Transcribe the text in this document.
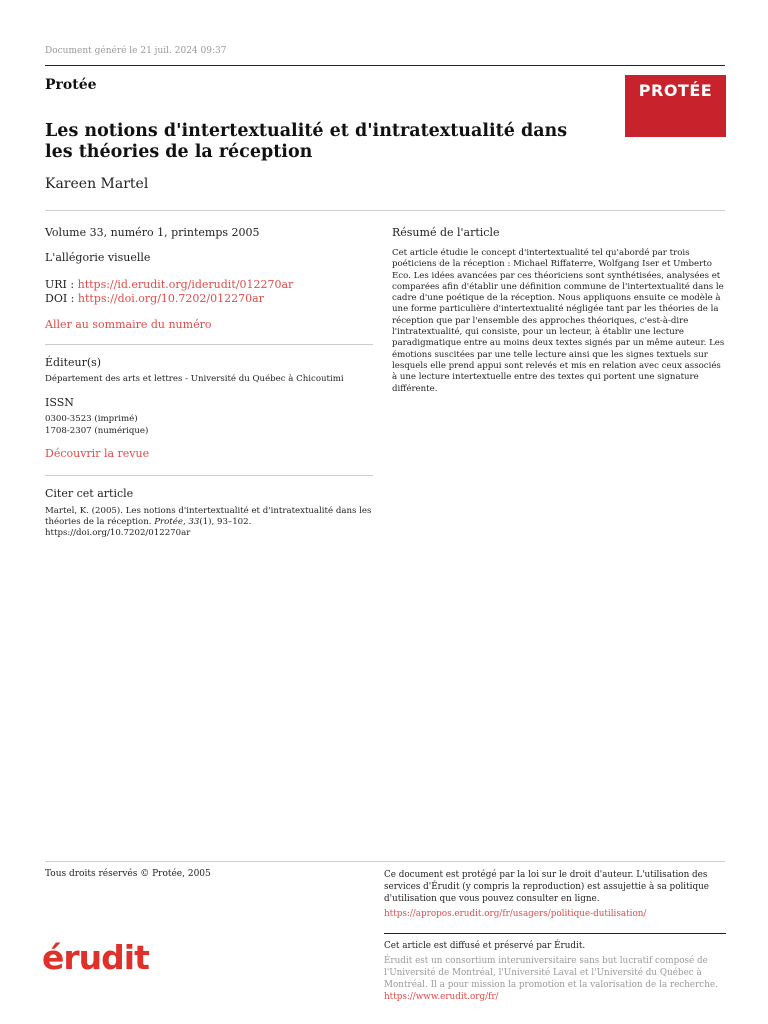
Document généré le 21 juil. 2024 09:37
Protée	PROTÉE
Les notions d'intertextualité et d'intratextualité dans les théories de la réception
Kareen Martel
Volume 33, numéro 1, printemps 2005
L'allégorie visuelle
URI : https://id.erudit.org/iderudit/012270ar
DOI : https://doi.org/10.7202/012270ar
Aller au sommaire du numéro
Éditeur(s)
Département des arts et lettres - Université du Québec à Chicoutimi
ISSN
0300-3523 (imprimé)
1708-2307 (numérique)
Découvrir la revue
Citer cet article
Martel, K. (2005). Les notions d'intertextualité et d'intratextualité dans les théories de la réception. Protée, 33(1), 93–102. https://doi.org/10.7202/012270ar
Résumé de l'article
Cet article étudie le concept d'intertextualité tel qu'abordé par trois poéticiens de la réception : Michael Riffaterre, Wolfgang Iser et Umberto Eco. Les idées avancées par ces théoriciens sont synthétisées, analysées et comparées afin d'établir une définition commune de l'intertextualité dans le cadre d'une poétique de la réception. Nous appliquons ensuite ce modèle à une forme particulière d'intertextualité négligée tant par les théories de la réception que par l'ensemble des approches théoriques, c'est-à-dire l'intratextualité, qui consiste, pour un lecteur, à établir une lecture paradigmatique entre au moins deux textes signés par un même auteur. Les émotions suscitées par une telle lecture ainsi que les signes textuels sur lesquels elle prend appui sont relevés et mis en relation avec ceux associés à une lecture intertextuelle entre des textes qui portent une signature différente.
Tous droits réservés © Protée, 2005	Ce document est protégé par la loi sur le droit d'auteur. L'utilisation des services d'Érudit (y compris la reproduction) est assujettie à sa politique d'utilisation que vous pouvez consulter en ligne.
https://apropos.erudit.org/fr/usagers/politique-dutilisation/
érudit	Cet article est diffusé et préservé par Érudit.
Érudit est un consortium interuniversitaire sans but lucratif composé de l'Université de Montréal, l'Université Laval et l'Université du Québec à Montréal. Il a pour mission la promotion et la valorisation de la recherche.
https://www.erudit.org/fr/
